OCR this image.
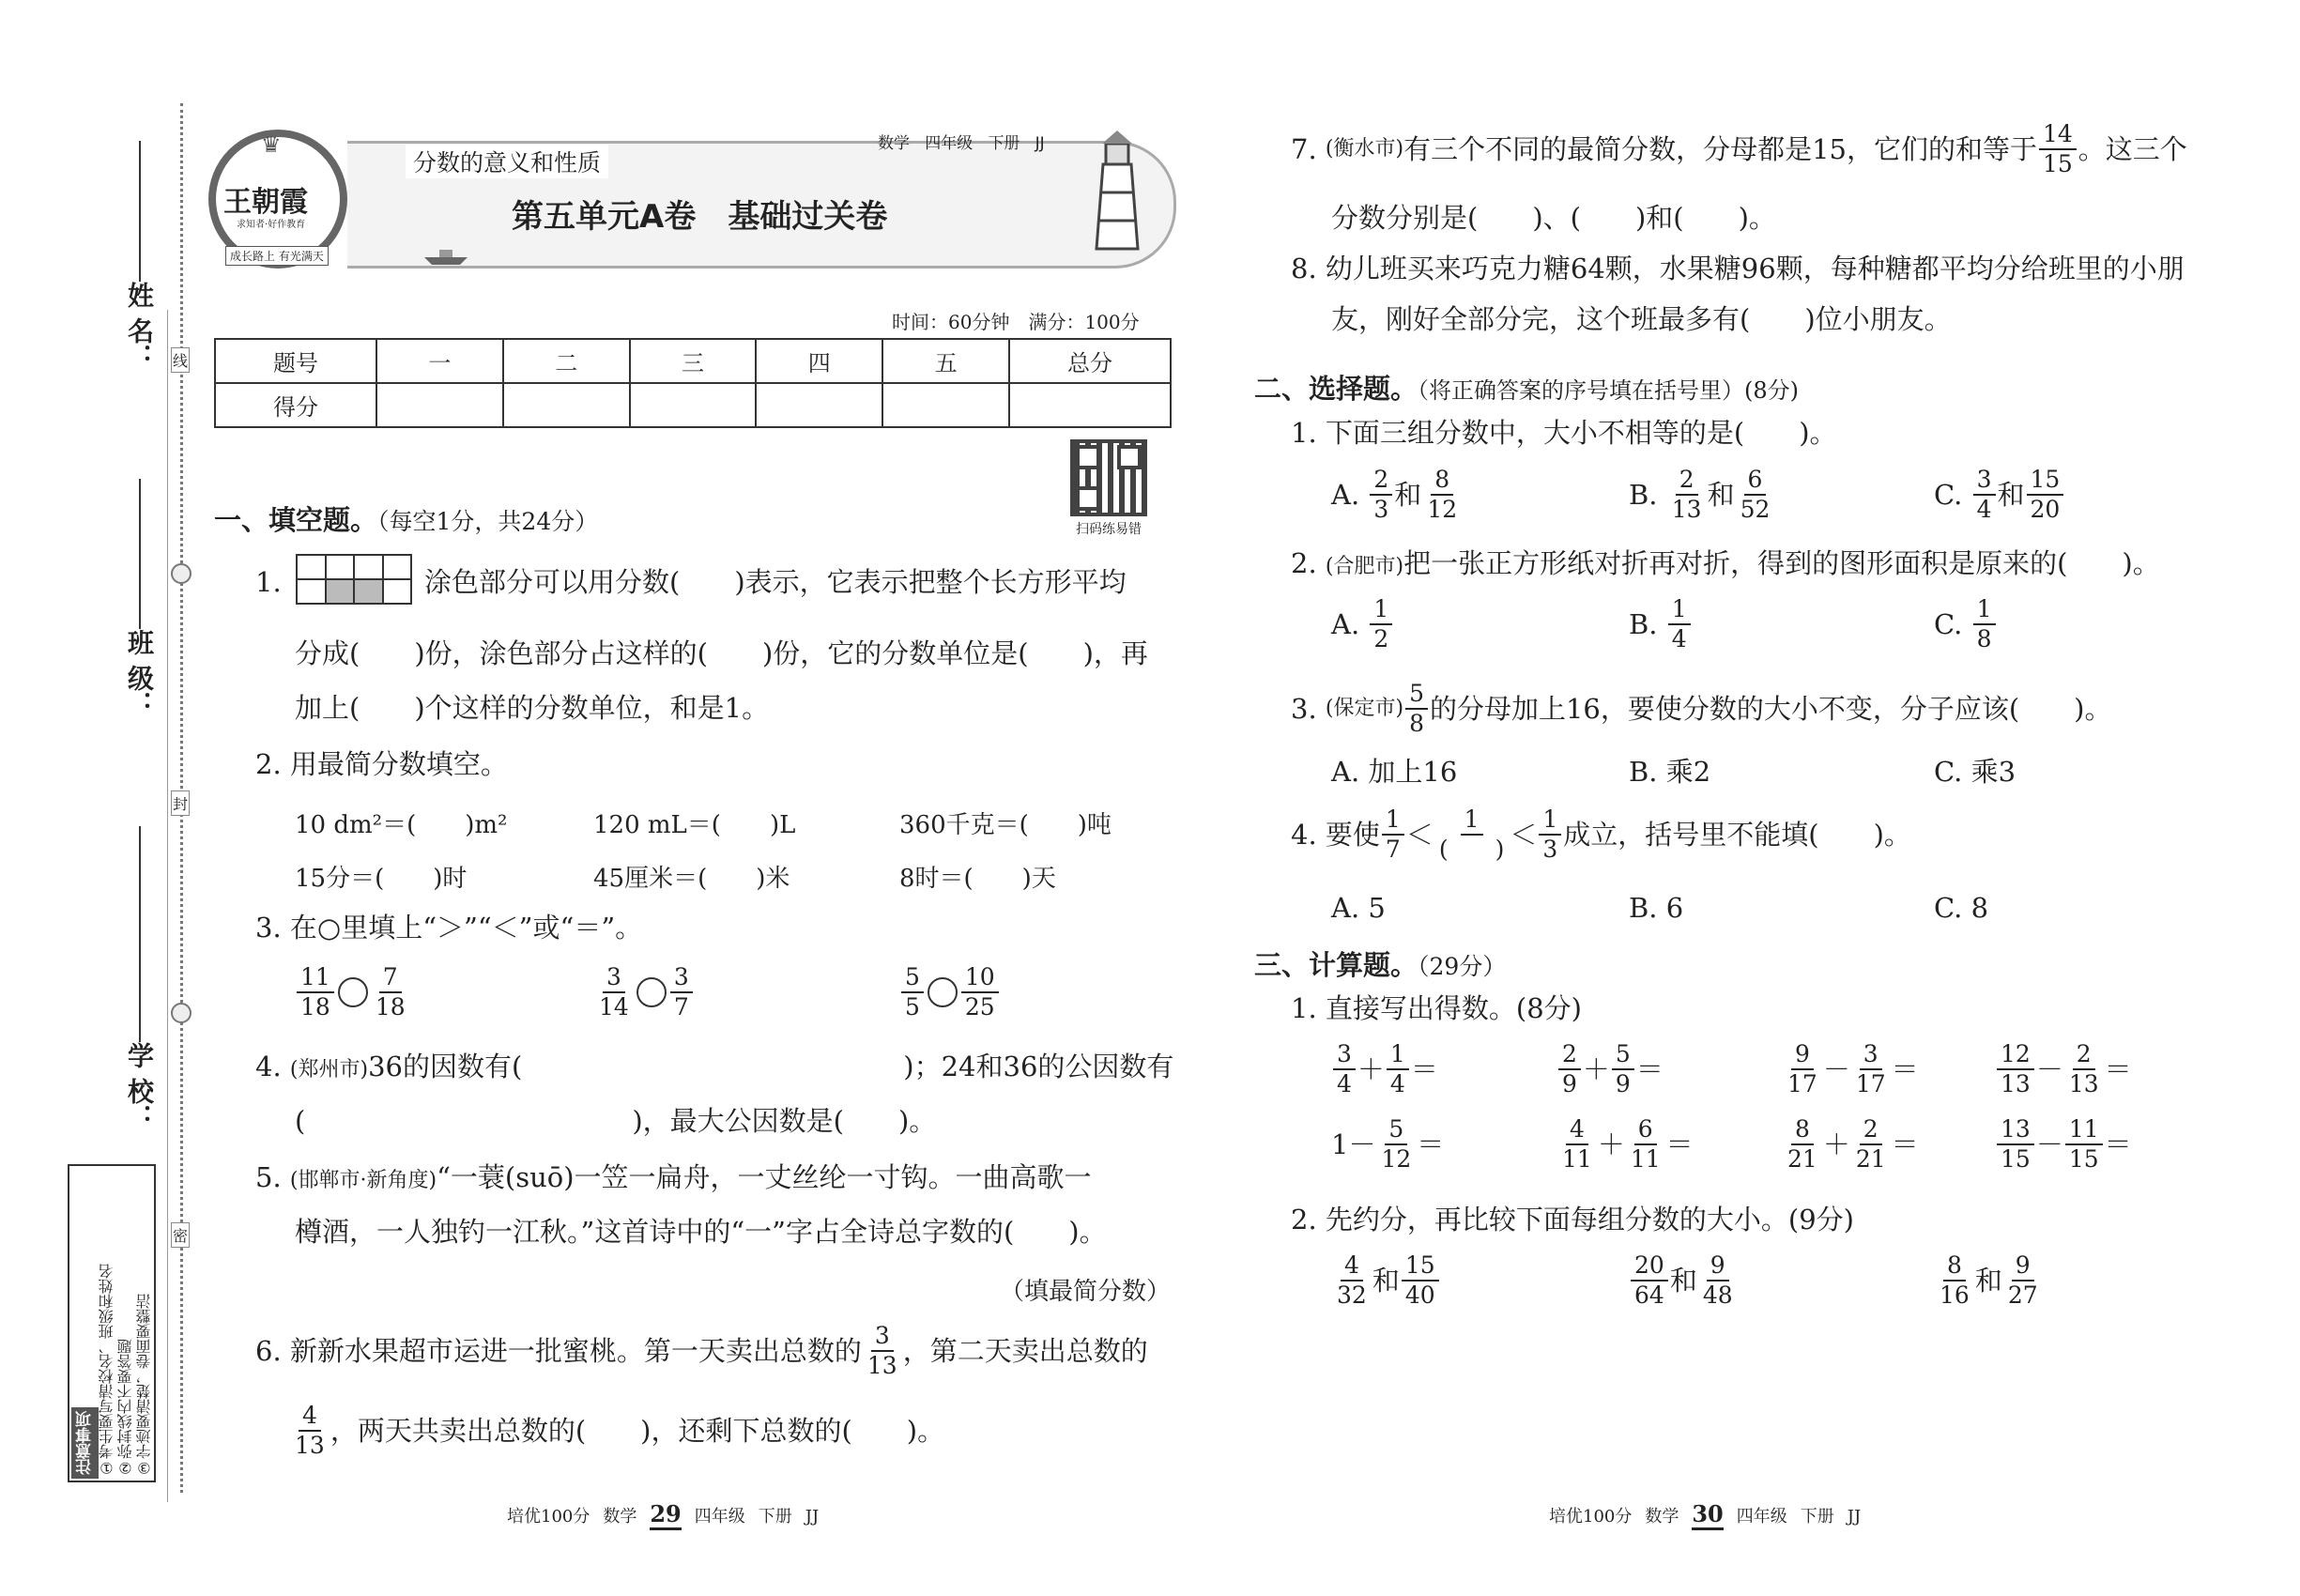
姓 名：
班 级：
学 校：
线
封
密
注意事项 ①考生要写清校名、班级和姓名 ②弥封线内不要答题 ③字迹要清楚，卷面要整洁
♛
王朝霞
求知者·好作教育
成长路上 有光满天
分数的意义和性质
数学 四年级 下册 JJ
第五单元A卷　基础过关卷
时间：60分钟　满分：100分
题号	一	二	三	四	五	总分
得分						
扫码练易错
一、填空题。（每空1分，共24分）
1.	涂色部分可以用分数(　　)表示，它表示把整个长方形平均
分成(　　)份，涂色部分占这样的(　　)份，它的分数单位是(　　)，再
加上(　　)个这样的分数单位，和是1。
2. 用最简分数填空。
10 dm²＝(　　)m²	120 mL＝(　　)L	360千克＝(　　)吨
15分＝(　　)时	45厘米＝(　　)米	8时＝(　　)天
3. 在○里填上“＞”“＜”或“＝”。
$\frac{11}{18} \frac{7}{18}$	$\frac{3}{14} \frac{3}{7}$	$\frac{5}{5} \frac{10}{25}$
4. (郑州市)36的因数有(　　　　　　　　　　　　　　)；24和36的公因数有
(　　　　　　　　　　　　)，最大公因数是(　　)。
5. (邯郸市·新角度)“一蓑(suō)一笠一扁舟，一丈丝纶一寸钩。一曲高歌一
樽酒，一人独钓一江秋。”这首诗中的“一”字占全诗总字数的(　　)。
（填最简分数）
6.
新新水果超市运进一批蜜桃。第一天卖出总数的 $\frac{3}{13}$ ，第二天卖出总数的
$\frac{4}{13}$ ，两天共卖出总数的(　　)，还剩下总数的(　　)。
7.
(衡水市) 有三个不同的最简分数，分母都是15，它们的和等于 $\frac{14}{15}$ 。这三个
分数分别是(　　)、(　　)和(　　)。
8. 幼儿班买来巧克力糖64颗，水果糖96颗，每种糖都平均分给班里的小朋
友，刚好全部分完，这个班最多有(　　)位小朋友。
二、选择题。（将正确答案的序号填在括号里）(8分)
1. 下面三组分数中，大小不相等的是(　　)。
A.
$\frac{2}{3}$ 和 $\frac{8}{12}$	B.
$\frac{2}{13}$ 和 $\frac{6}{52}$	C.
$\frac{3}{4}$ 和 $\frac{15}{20}$
2. (合肥市)把一张正方形纸对折再对折，得到的图形面积是原来的(　　)。
A.
$\frac{1}{2}$	B.
$\frac{1}{4}$	C.
$\frac{1}{8}$
3.
(保定市) $\frac{5}{8}$ 的分母加上16，要使分数的大小不变，分子应该(　　)。
A. 加上16	B. 乘2	C. 乘3
4. 要使 $\frac{1}{7} < \frac{1}{( )} < \frac{1}{3}$ 成立，括号里不能填(　　)。
A. 5	B. 6	C. 8
三、计算题。（29分）
1. 直接写出得数。(8分)
$\frac{3}{4} + \frac{1}{4}$ ＝	$\frac{2}{9} + \frac{5}{9}$ ＝	$\frac{9}{17} - \frac{3}{17}$ ＝	$\frac{12}{13} - \frac{2}{13}$ ＝
$1- \frac{5}{12}$ ＝	$\frac{4}{11} + \frac{6}{11}$ ＝	$\frac{8}{21} + \frac{2}{21}$ ＝	$\frac{13}{15} - \frac{11}{15}$ ＝
2. 先约分，再比较下面每组分数的大小。(9分)
$\frac{4}{32}$ 和 $\frac{15}{40}$	$\frac{20}{64}$ 和 $\frac{9}{48}$	$\frac{8}{16}$ 和 $\frac{9}{27}$
培优100分 数学 29 四年级 下册 JJ	培优100分 数学 30 四年级 下册 JJ
